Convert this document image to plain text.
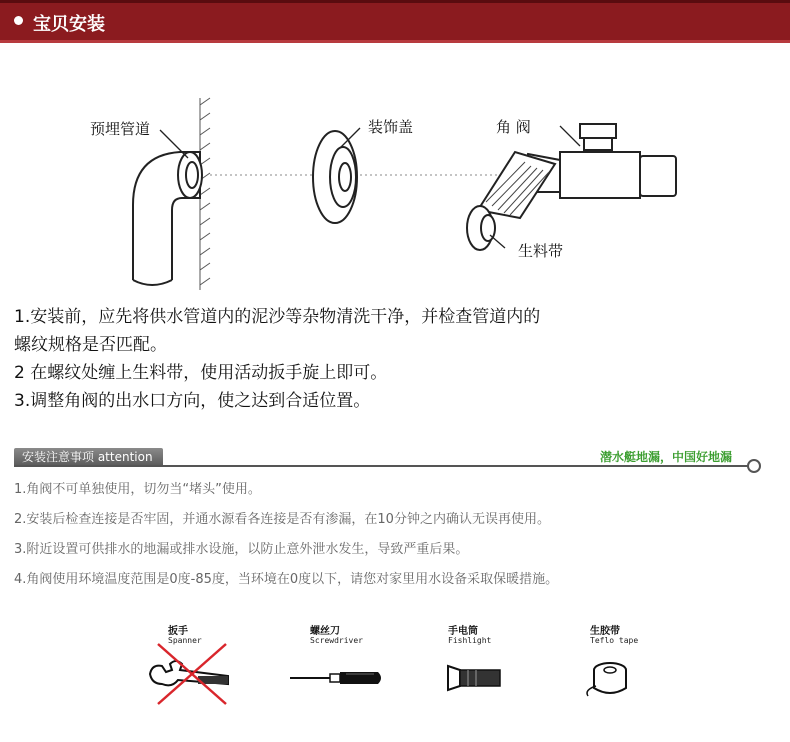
宝贝安装
预埋管道	装饰盖	角 阀
生料带

1.安装前，应先将供水管道内的泥沙等杂物清洗干净，并检查管道内的

螺纹规格是否匹配。

2 在螺纹处缠上生料带，使用活动扳手旋上即可。

3.调整角阀的出水口方向，使之达到合适位置。

安装注意事项 attention	潜水艇地漏，中国好地漏

1.角阀不可单独使用，切勿当“堵头”使用。

2.安装后检查连接是否牢固，并通水源看各连接是否有渗漏，在10分钟之内确认无误再使用。

3.附近设置可供排水的地漏或排水设施，以防止意外泄水发生，导致严重后果。

4.角阀使用环境温度范围是0度-85度，当环境在0度以下，请您对家里用水设备采取保暖措施。

扳手
Spanner
螺丝刀
Screwdriver
手电筒
Fishlight
生胶带
Teflo tape
